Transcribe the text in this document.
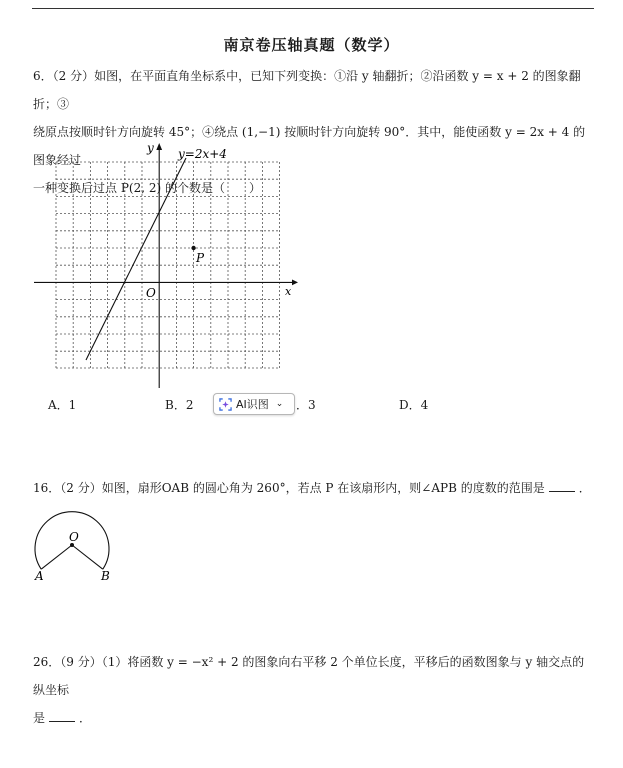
南京卷压轴真题（数学）
6．（2 分）如图，在平面直角坐标系中，已知下列变换：①沿 y 轴翻折；②沿函数 y = x + 2 的图象翻折；③
绕原点按顺时针方向旋转 45°；④绕点 (1,−1) 按顺时针方向旋转 90°．其中，能使函数 y = 2x + 4 的图象经过
一种变换后过点 P(2, 2) 的个数是（　　）
y=2x+4
y
x
O
P
A．1	B．2	．3	D．4
AI识图 ⌄
16．（2 分）如图，扇形OAB 的圆心角为 260°，若点 P 在该扇形内，则∠APB 的度数的范围是	．
O
A	B
26．（9 分）（1）将函数 y = −x² + 2 的图象向右平移 2 个单位长度，平移后的函数图象与 y 轴交点的纵坐标
是	．
